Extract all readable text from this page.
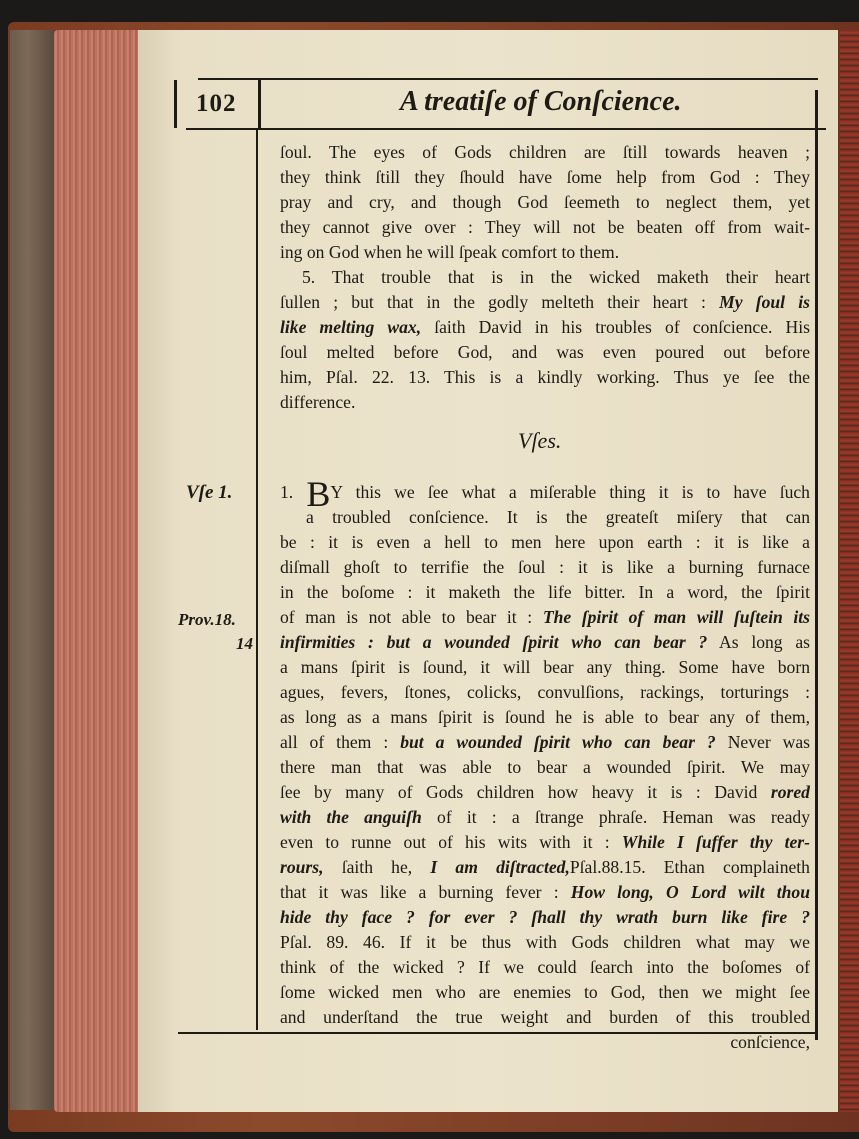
102	A treatiſe of Conſcience.
ſoul. The eyes of Gods children are ſtill towards heaven ;
they think ſtill they ſhould have ſome help from God : They
pray and cry, and though God ſeemeth to neglect them, yet
they cannot give over : They will not be beaten off from wait-
ing on God when he will ſpeak comfort to them.
5. That trouble that is in the wicked maketh their heart
ſullen ; but that in the godly melteth their heart : My ſoul is
like melting wax, ſaith David in his troubles of conſcience. His
ſoul melted before God, and was even poured out before
him, Pſal. 22. 13. This is a kindly working. Thus ye ſee the
difference.
Vſes.
Vſe 1.
Prov.18.
14
1. BY this we ſee what a miſerable thing it is to have ſuch
a troubled conſcience. It is the greateſt miſery that can
be : it is even a hell to men here upon earth : it is like a
diſmall ghoſt to terrifie the ſoul : it is like a burning furnace
in the boſome : it maketh the life bitter. In a word, the ſpirit
of man is not able to bear it : The ſpirit of man will ſuſtein its
infirmities : but a wounded ſpirit who can bear ? As long as
a mans ſpirit is ſound, it will bear any thing. Some have born
agues, fevers, ſtones, colicks, convulſions, rackings, torturings :
as long as a mans ſpirit is ſound he is able to bear any of them,
all of them : but a wounded ſpirit who can bear ? Never was
there man that was able to bear a wounded ſpirit. We may
ſee by many of Gods children how heavy it is : David rored
with the anguiſh of it : a ſtrange phraſe. Heman was ready
even to runne out of his wits with it : While I ſuffer thy ter-
rours, ſaith he, I am diſtracted,Pſal.88.15. Ethan complaineth
that it was like a burning fever : How long, O Lord wilt thou
hide thy face ? for ever ? ſhall thy wrath burn like fire ?
Pſal. 89. 46. If it be thus with Gods children what may we
think of the wicked ? If we could ſearch into the boſomes of
ſome wicked men who are enemies to God, then we might ſee
and underſtand the true weight and burden of this troubled
conſcience,
